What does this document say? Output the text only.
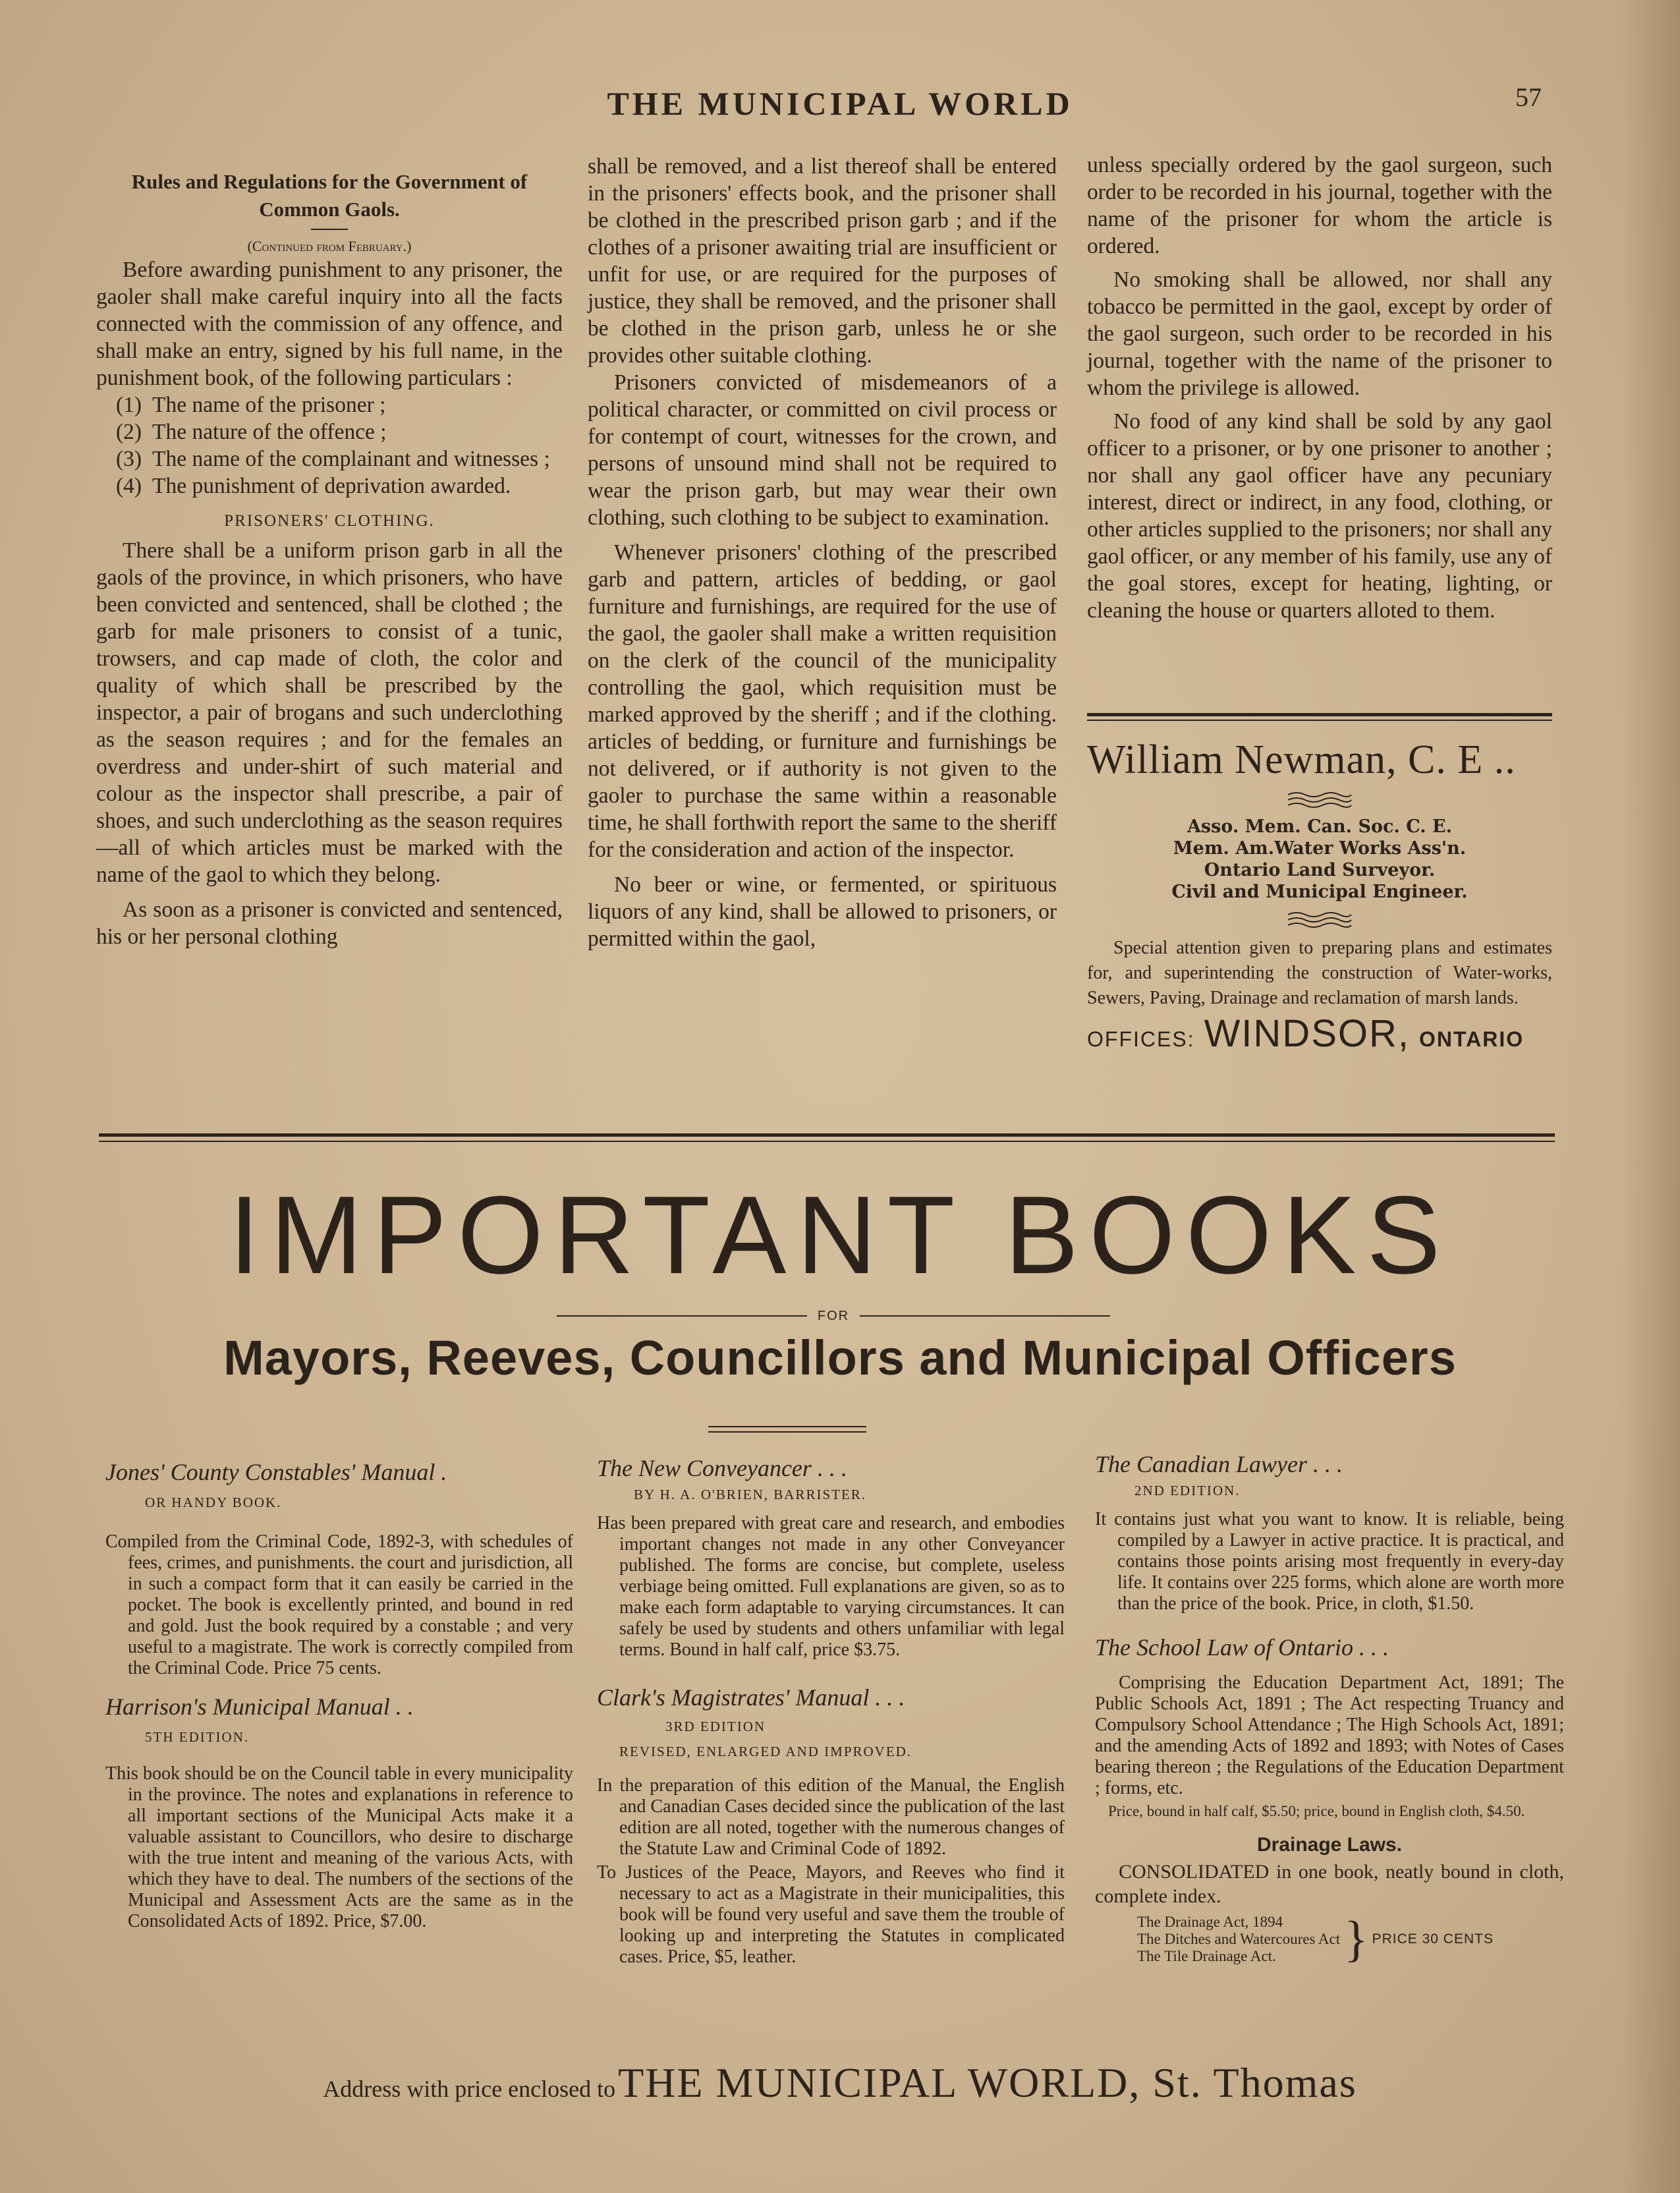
THE MUNICIPAL WORLD	57

Rules and Regulations for the Government of Common Gaols.

(Continued from February.)

Before awarding punishment to any prisoner, the gaoler shall make careful inquiry into all the facts connected with the commission of any offence, and shall make an entry, signed by his full name, in the punishment book, of the following particulars :

(1) The name of the prisoner ;

(2) The nature of the offence ;

(3) The name of the complainant and witnesses ;

(4) The punishment of deprivation awarded.

PRISONERS' CLOTHING.

There shall be a uniform prison garb in all the gaols of the province, in which prisoners, who have been convicted and sentenced, shall be clothed ; the garb for male prisoners to consist of a tunic, trowsers, and cap made of cloth, the color and quality of which shall be prescribed by the inspector, a pair of brogans and such underclothing as the season requires ; and for the females an overdress and under-shirt of such material and colour as the inspector shall prescribe, a pair of shoes, and such underclothing as the season requires—all of which articles must be marked with the name of the gaol to which they belong.

As soon as a prisoner is convicted and sentenced, his or her personal clothing

shall be removed, and a list thereof shall be entered in the prisoners' effects book, and the prisoner shall be clothed in the prescribed prison garb ; and if the clothes of a prisoner awaiting trial are insufficient or unfit for use, or are required for the purposes of justice, they shall be removed, and the prisoner shall be clothed in the prison garb, unless he or she provides other suitable clothing.

Prisoners convicted of misdemeanors of a political character, or committed on civil process or for contempt of court, witnesses for the crown, and persons of unsound mind shall not be required to wear the prison garb, but may wear their own clothing, such clothing to be subject to examination.

Whenever prisoners' clothing of the prescribed garb and pattern, articles of bedding, or gaol furniture and furnishings, are required for the use of the gaol, the gaoler shall make a written requisition on the clerk of the council of the municipality controlling the gaol, which requisition must be marked approved by the sheriff ; and if the clothing. articles of bedding, or furniture and furnishings be not delivered, or if authority is not given to the gaoler to purchase the same within a reasonable time, he shall forthwith report the same to the sheriff for the consideration and action of the inspector.

No beer or wine, or fermented, or spirituous liquors of any kind, shall be allowed to prisoners, or permitted within the gaol,

unless specially ordered by the gaol surgeon, such order to be recorded in his journal, together with the name of the prisoner for whom the article is ordered.

No smoking shall be allowed, nor shall any tobacco be permitted in the gaol, except by order of the gaol surgeon, such order to be recorded in his journal, together with the name of the prisoner to whom the privilege is allowed.

No food of any kind shall be sold by any gaol officer to a prisoner, or by one prisoner to another ; nor shall any gaol officer have any pecuniary interest, direct or indirect, in any food, clothing, or other articles supplied to the prisoners; nor shall any gaol officer, or any member of his family, use any of the goal stores, except for heating, lighting, or cleaning the house or quarters alloted to them.

William Newman, C. E ..

Asso. Mem. Can. Soc. C. E.

Mem. Am.Water Works Ass'n.

Ontario Land Surveyor.

Civil and Municipal Engineer.

Special attention given to preparing plans and estimates for, and superintending the construction of Water-works, Sewers, Paving, Drainage and reclamation of marsh lands.

OFFICES: WINDSOR, ONTARIO
IMPORTANT BOOKS
FOR
Mayors, Reeves, Councillors and Municipal Officers

Jones' County Constables' Manual .

OR HANDY BOOK.

Compiled from the Criminal Code, 1892-3, with schedules of fees, crimes, and punishments. the court and jurisdiction, all in such a compact form that it can easily be carried in the pocket. The book is excellently printed, and bound in red and gold. Just the book required by a constable ; and very useful to a magistrate. The work is correctly compiled from the Criminal Code. Price 75 cents.

Harrison's Municipal Manual . .

5TH EDITION.

This book should be on the Council table in every municipality in the province. The notes and explanations in reference to all important sections of the Municipal Acts make it a valuable assistant to Councillors, who desire to discharge with the true intent and meaning of the various Acts, with which they have to deal. The numbers of the sections of the Municipal and Assessment Acts are the same as in the Consolidated Acts of 1892. Price, $7.00.

The New Conveyancer . . .

BY H. A. O'BRIEN, BARRISTER.

Has been prepared with great care and research, and embodies important changes not made in any other Conveyancer published. The forms are concise, but complete, useless verbiage being omitted. Full explanations are given, so as to make each form adaptable to varying circumstances. It can safely be used by students and others unfamiliar with legal terms. Bound in half calf, price $3.75.

Clark's Magistrates' Manual . . .

3RD EDITION

REVISED, ENLARGED AND IMPROVED.

In the preparation of this edition of the Manual, the English and Canadian Cases decided since the publication of the last edition are all noted, together with the numerous changes of the Statute Law and Criminal Code of 1892.

To Justices of the Peace, Mayors, and Reeves who find it necessary to act as a Magistrate in their municipalities, this book will be found very useful and save them the trouble of looking up and interpreting the Statutes in complicated cases. Price, $5, leather.

The Canadian Lawyer . . .

2ND EDITION.

It contains just what you want to know. It is reliable, being compiled by a Lawyer in active practice. It is practical, and contains those points arising most frequently in every-day life. It contains over 225 forms, which alone are worth more than the price of the book. Price, in cloth, $1.50.

The School Law of Ontario . . .

Comprising the Education Department Act, 1891; The Public Schools Act, 1891 ; The Act respecting Truancy and Compulsory School Attendance ; The High Schools Act, 1891; and the amending Acts of 1892 and 1893; with Notes of Cases bearing thereon ; the Regulations of the Education Department ; forms, etc.

Price, bound in half calf, $5.50; price, bound in English cloth, $4.50.

Drainage Laws.

CONSOLIDATED in one book, neatly bound in cloth, complete index.

The Drainage Act, 1894
The Ditches and Watercoures Act
The Tile Drainage Act.	} PRICE 30 CENTS
Address with price enclosed to THE MUNICIPAL WORLD, St. Thomas
